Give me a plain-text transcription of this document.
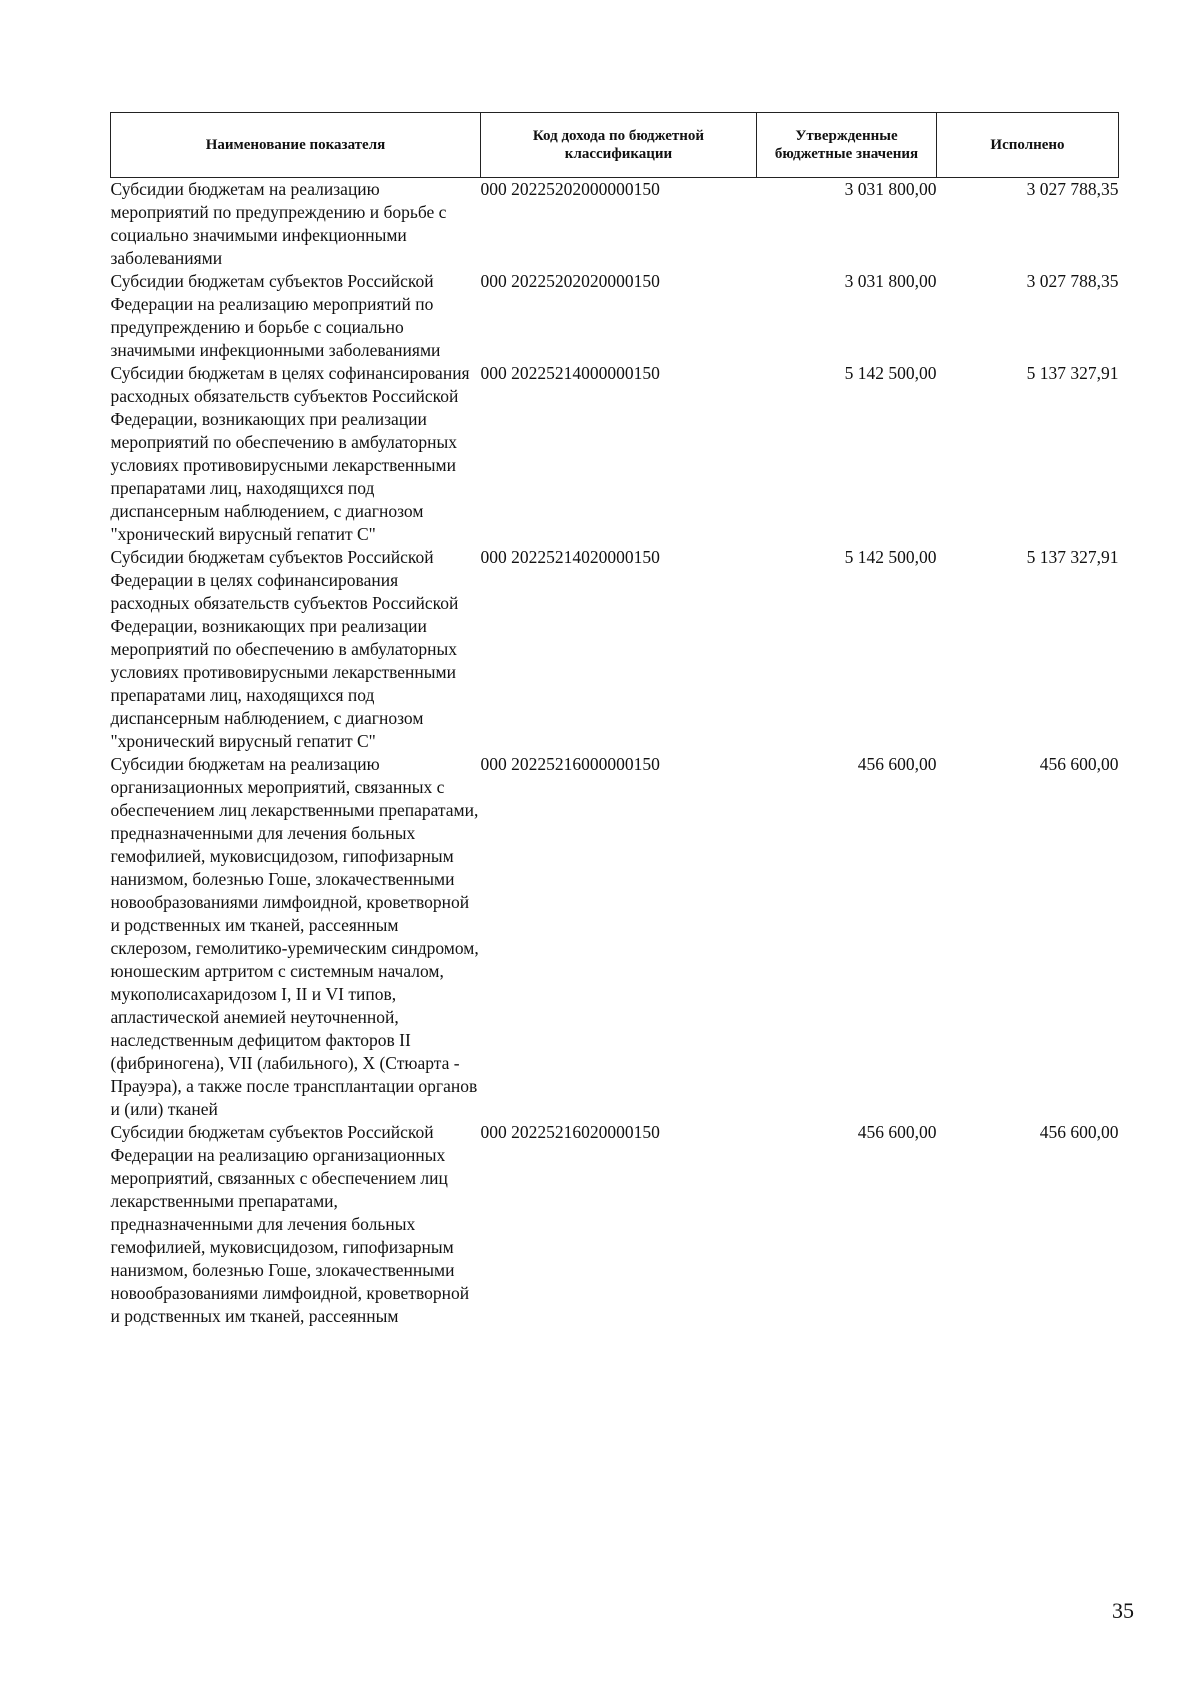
Наименование показателя	Код дохода по бюджетной классификации	Утвержденные бюджетные значения	Исполнено
Субсидии бюджетам на реализацию мероприятий по предупреждению и борьбе с социально значимыми инфекционными заболеваниями	000 20225202000000150	3 031 800,00	3 027 788,35
Субсидии бюджетам субъектов Российской Федерации на реализацию мероприятий по предупреждению и борьбе с социально значимыми инфекционными заболеваниями	000 20225202020000150	3 031 800,00	3 027 788,35
Субсидии бюджетам в целях софинансирования расходных обязательств субъектов Российской Федерации, возникающих при реализации мероприятий по обеспечению в амбулаторных условиях противовирусными лекарственными препаратами лиц, находящихся под диспансерным наблюдением, с диагнозом "хронический вирусный гепатит С"	000 20225214000000150	5 142 500,00	5 137 327,91
Субсидии бюджетам субъектов Российской Федерации в целях софинансирования расходных обязательств субъектов Российской Федерации, возникающих при реализации мероприятий по обеспечению в амбулаторных условиях противовирусными лекарственными препаратами лиц, находящихся под диспансерным наблюдением, с диагнозом "хронический вирусный гепатит С"	000 20225214020000150	5 142 500,00	5 137 327,91
Субсидии бюджетам на реализацию организационных мероприятий, связанных с обеспечением лиц лекарственными препаратами, предназначенными для лечения больных гемофилией, муковисцидозом, гипофизарным нанизмом, болезнью Гоше, злокачественными новообразованиями лимфоидной, кроветворной и родственных им тканей, рассеянным склерозом, гемолитико-уремическим синдромом, юношеским артритом с системным началом, мукополисахаридозом I, II и VI типов, апластической анемией неуточненной, наследственным дефицитом факторов II (фибриногена), VII (лабильного), X (Стюарта - Прауэра), а также после трансплантации органов и (или) тканей	000 20225216000000150	456 600,00	456 600,00
Субсидии бюджетам субъектов Российской Федерации на реализацию организационных мероприятий, связанных с обеспечением лиц лекарственными препаратами, предназначенными для лечения больных гемофилией, муковисцидозом, гипофизарным нанизмом, болезнью Гоше, злокачественными новообразованиями лимфоидной, кроветворной и родственных им тканей, рассеянным	000 20225216020000150	456 600,00	456 600,00
35
